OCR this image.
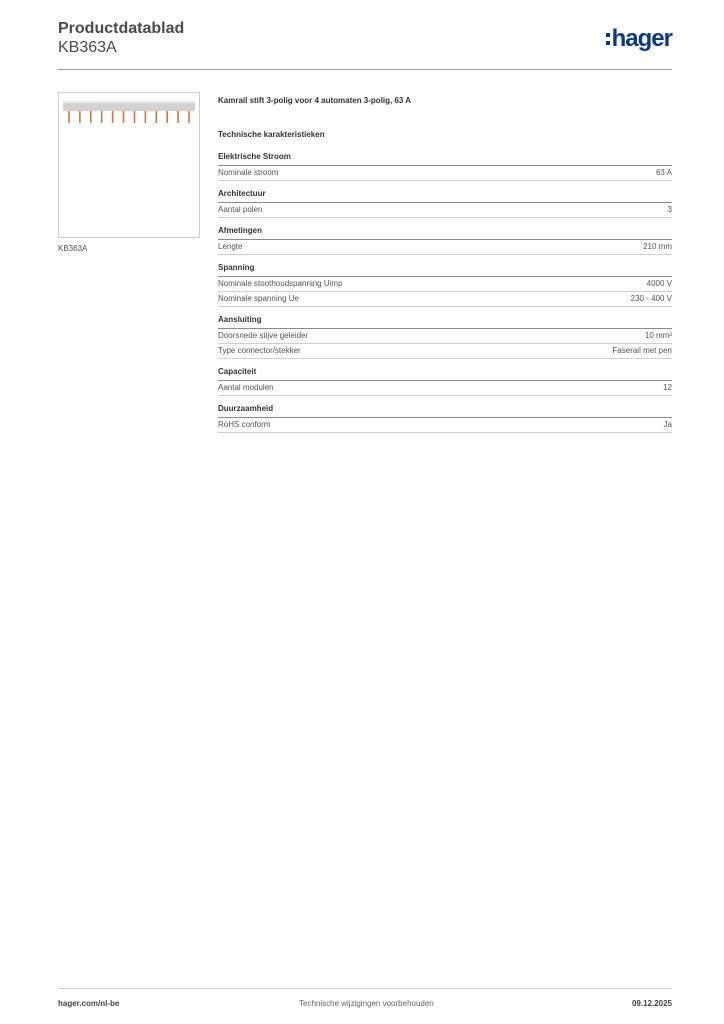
Productdatablad
KB363A	hager
KB363A
Kamrail stift 3-polig voor 4 automaten 3-polig, 63 A
Technische karakteristieken
Elektrische Stroom
Nominale stroom	63 A
Architectuur
Aantal polen	3
Afmetingen
Lengte	210 mm
Spanning
Nominale stoothoudspanning Uimp	4000 V
Nominale spanning Ue	230 - 400 V
Aansluiting
Doorsnede stijve geleider	10 mm²
Type connector/stekker	Faserail met pen
Capaciteit
Aantal modulen	12
Duurzaamheid
RoHS conform	Ja
hager.com/nl-be	Technische wijzigingen voorbehouden	09.12.2025
